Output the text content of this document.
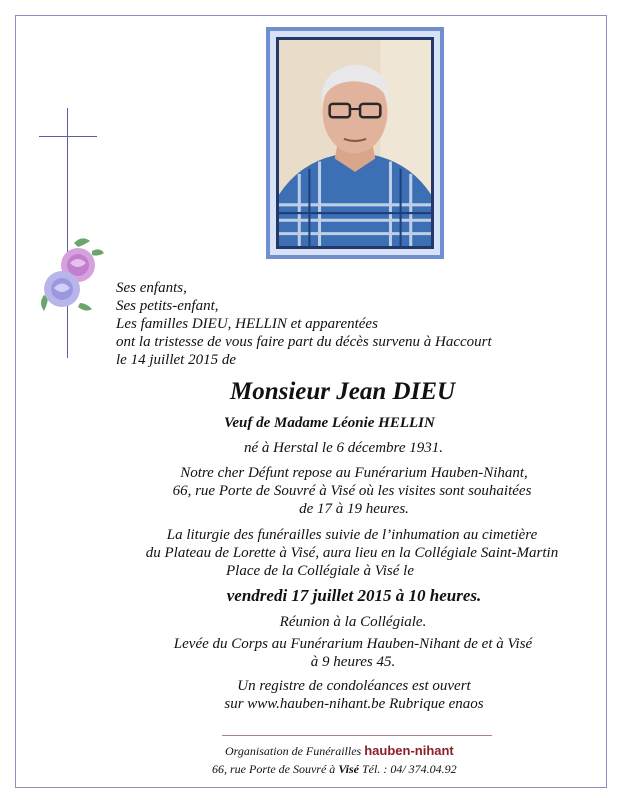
Ses enfants,
Ses petits-enfant,
Les familles DIEU, HELLIN et apparentées
ont la tristesse de vous faire part du décès survenu à Haccourt
le 14 juillet 2015 de
Monsieur Jean DIEU
Veuf de Madame Léonie HELLIN
né à Herstal le 6 décembre 1931.
Notre cher Défunt repose au Funérarium Hauben-Nihant,
66, rue Porte de Souvré à Visé où les visites sont souhaitées
de 17 à 19 heures.
La liturgie des funérailles suivie de l’inhumation au cimetière
du Plateau de Lorette à Visé, aura lieu en la Collégiale Saint-Martin
Place de la Collégiale à Visé le
vendredi 17 juillet 2015 à 10 heures.
Réunion à la Collégiale.
Levée du Corps au Funérarium Hauben-Nihant de et à Visé
à 9 heures 45.
Un registre de condoléances est ouvert
sur www.hauben-nihant.be Rubrique enaos
Organisation de Funérailles hauben-nihant
66, rue Porte de Souvré à Visé Tél. : 04/ 374.04.92
